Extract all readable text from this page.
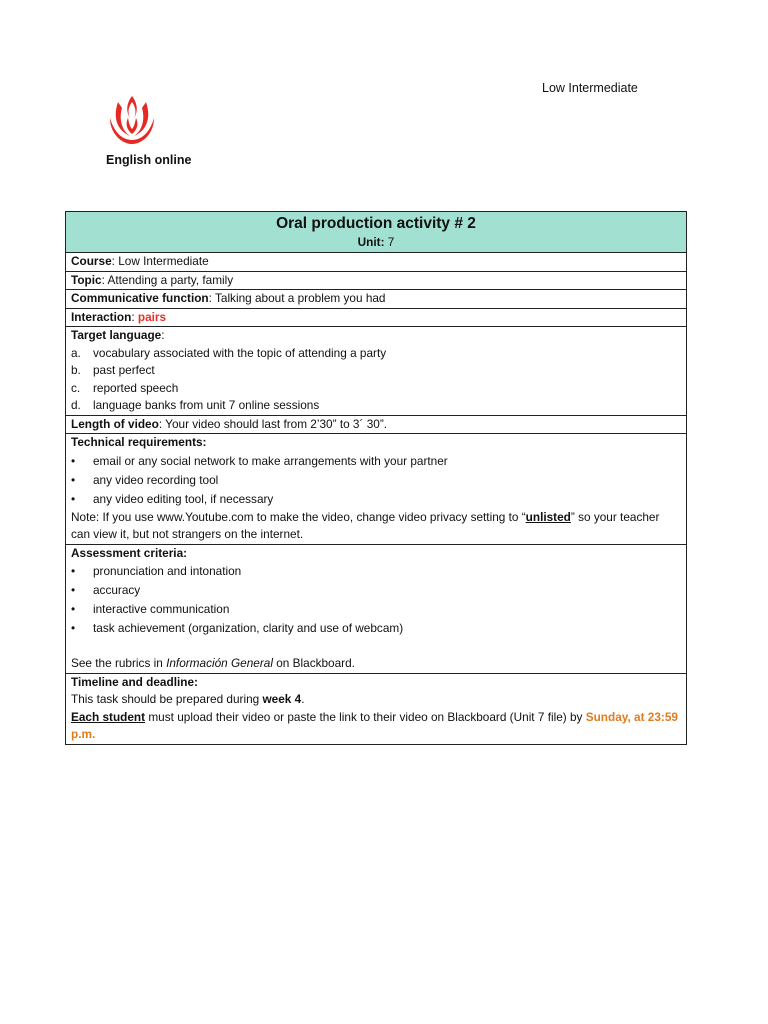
Low Intermediate
English online
Oral production activity # 2
Unit: 7

Course: Low Intermediate
Topic: Attending a party, family
Communicative function: Talking about a problem you had
Interaction: pairs

Target language:
a. vocabulary associated with the topic of attending a party
b. past perfect
c. reported speech
d. language banks from unit 7 online sessions

Length of video: Your video should last from 2’30” to 3´ 30”.

Technical requirements:
• email or any social network to make arrangements with your partner
• any video recording tool
• any video editing tool, if necessary
Note: If you use www.Youtube.com to make the video, change video privacy setting to “unlisted” so your teacher can view it, but not strangers on the internet.

Assessment criteria:
• pronunciation and intonation
• accuracy
• interactive communication
• task achievement (organization, clarity and use of webcam)
See the rubrics in Información General on Blackboard.

Timeline and deadline:
This task should be prepared during week 4.
Each student must upload their video or paste the link to their video on Blackboard (Unit 7 file) by Sunday, at 23:59 p.m.
